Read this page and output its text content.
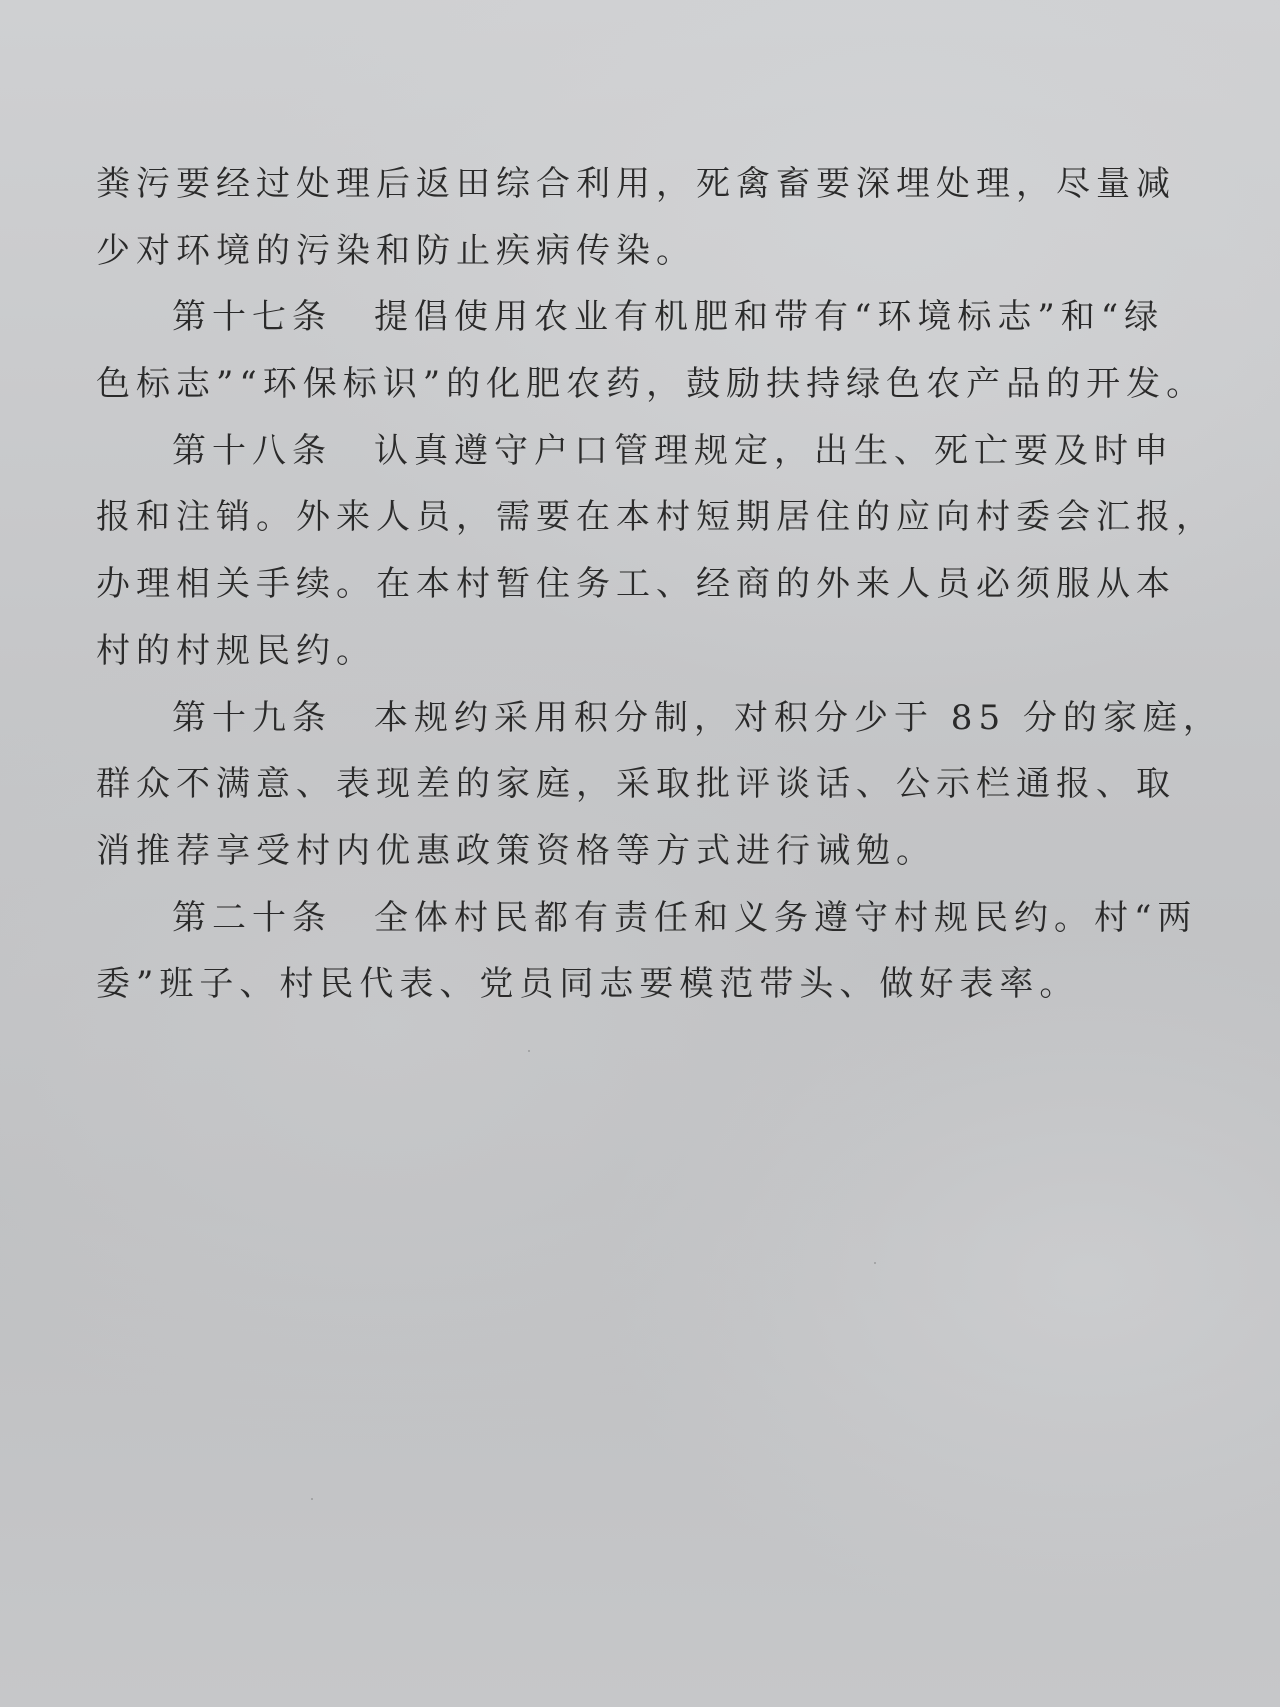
粪污要经过处理后返田综合利用，死禽畜要深埋处理，尽量减
少对环境的污染和防止疾病传染。
第十七条 提倡使用农业有机肥和带有“环境标志”和“绿
色标志”“环保标识”的化肥农药，鼓励扶持绿色农产品的开发。
第十八条 认真遵守户口管理规定，出生、死亡要及时申
报和注销。外来人员，需要在本村短期居住的应向村委会汇报，
办理相关手续。在本村暂住务工、经商的外来人员必须服从本
村的村规民约。
第十九条 本规约采用积分制，对积分少于 85 分的家庭，
群众不满意、表现差的家庭，采取批评谈话、公示栏通报、取
消推荐享受村内优惠政策资格等方式进行诫勉。
第二十条 全体村民都有责任和义务遵守村规民约。村“两
委”班子、村民代表、党员同志要模范带头、做好表率。
